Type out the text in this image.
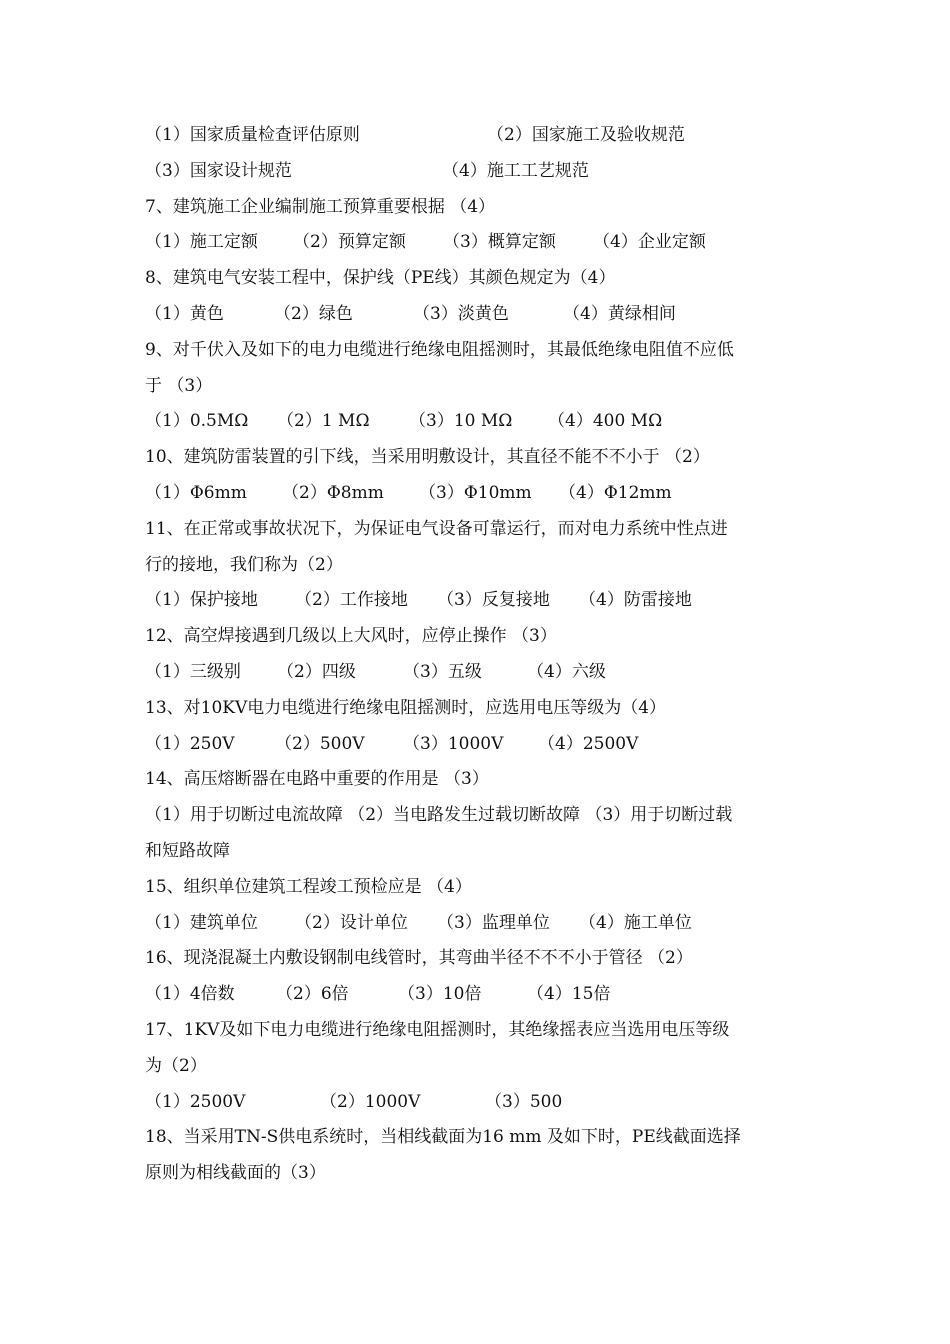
（1）国家质量检查评估原则	（2）国家施工及验收规范
（3）国家设计规范	（4）施工工艺规范
7、建筑施工企业编制施工预算重要根据 （4）
（1）施工定额 （2）预算定额 （3）概算定额 （4）企业定额
8、建筑电气安装工程中，保护线（PE线）其颜色规定为（4）
（1）黄色	（2）绿色	（3）淡黄色	（4）黄绿相间
9、对千伏入及如下的电力电缆进行绝缘电阻摇测时，其最低绝缘电阻值不应低
于 （3）
（1）0.5MΩ （2）1 MΩ （3）10 MΩ （4）400 MΩ
10、建筑防雷装置的引下线，当采用明敷设计，其直径不能不不小于 （2）
（1）Φ6mm （2）Φ8mm （3）Φ10mm （4）Φ12mm
11、在正常或事故状况下，为保证电气设备可靠运行，而对电力系统中性点进
行的接地，我们称为（2）
（1）保护接地 （2）工作接地 （3）反复接地 （4）防雷接地
12、高空焊接遇到几级以上大风时，应停止操作 （3）
（1）三级别 （2）四级	（3）五级	（4）六级
13、对10KV电力电缆进行绝缘电阻摇测时，应选用电压等级为（4）
（1）250V （2）500V （3）1000V （4）2500V
14、高压熔断器在电路中重要的作用是 （3）
（1）用于切断过电流故障 （2）当电路发生过载切断故障 （3）用于切断过载
和短路故障
15、组织单位建筑工程竣工预检应是 （4）
（1）建筑单位 （2）设计单位 （3）监理单位 （4）施工单位
16、现浇混凝土内敷设钢制电线管时，其弯曲半径不不不小于管径 （2）
（1）4倍数 （2）6倍	（3）10倍	（4）15倍
17、1KV及如下电力电缆进行绝缘电阻摇测时，其绝缘摇表应当选用电压等级
为（2）
（1）2500V	（2）1000V	（3）500
18、当采用TN-S供电系统时，当相线截面为16 mm 及如下时，PE线截面选择
原则为相线截面的（3）
